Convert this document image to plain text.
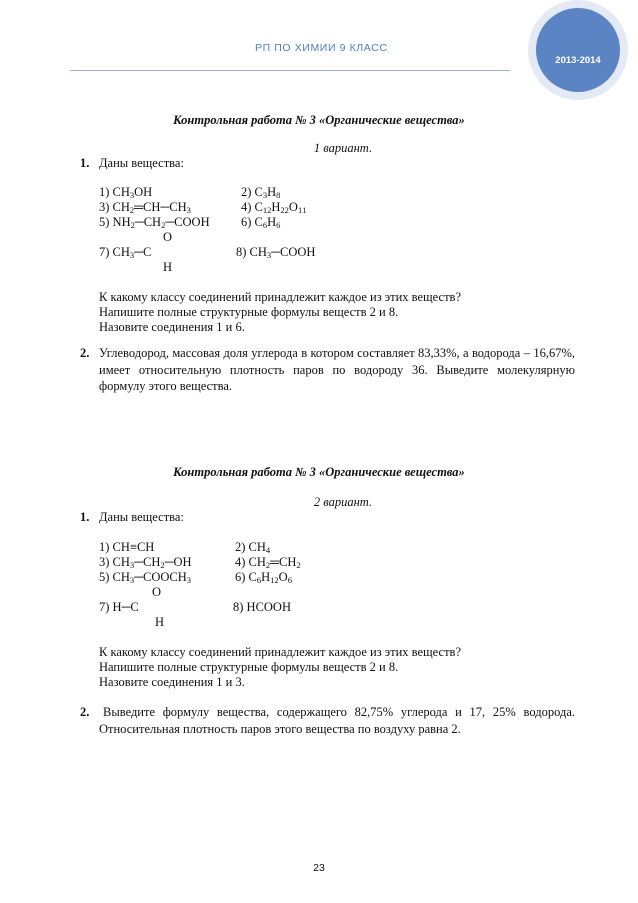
РП ПО ХИМИИ 9 КЛАСС
2013-2014
Контрольная работа № 3 «Органические вещества»
1 вариант.
1. Даны вещества:
1) $CH_3OH$	2) $C_3H_8$
3) $CH_2═CH─CH_3$	4) $C_{12}H_{22}O_{11}$
5) $NH_2─CH_2─COOH$	6) $C_6H_6$
O
7) $CH_3─C$	8) $CH_3─COOH$
H
К какому классу соединений принадлежит каждое из этих веществ?
Напишите полные структурные формулы веществ 2 и 8.
Назовите соединения 1 и 6.
2. Углеводород, массовая доля углерода в котором составляет 83,33%, а водорода – 16,67%, имеет относительную плотность паров по водороду 36. Выведите молекулярную формулу этого вещества.
Контрольная работа № 3 «Органические вещества»
2 вариант.
1. Даны вещества:
1) CH≡CH	2) $CH_4$
3) $CH_3─CH_2─OH$	4) $CH_2═CH_2$
5) $CH_3─COOCH_3$	6) $C_6H_{12}O_6$
O
7) H─C	8) HCOOH
H
К какому классу соединений принадлежит каждое из этих веществ?
Напишите полные структурные формулы веществ 2 и 8.
Назовите соединения 1 и 3.
2.	Выведите формулу вещества, содержащего 82,75% углерода и 17, 25% водорода. Относительная плотность паров этого вещества по воздуху равна 2.
23
